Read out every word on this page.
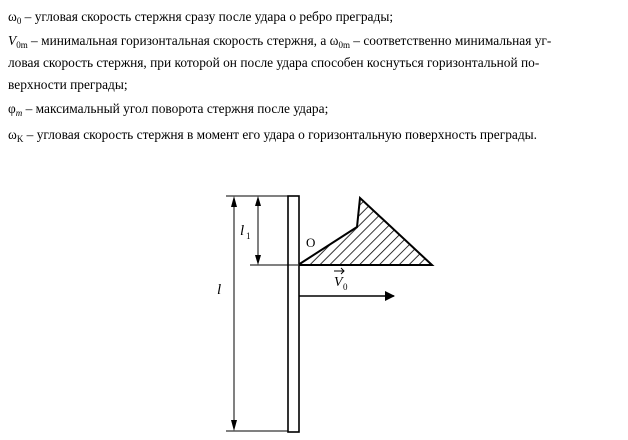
$\omega_0$ – угловая скорость стержня сразу после удара о ребро преграды;
$V_{0m}$ – минимальная горизонтальная скорость стержня, а $\omega_{0m}$ – соответственно минимальная уг-
ловая скорость стержня, при которой он после удара способен коснуться горизонтальной по-
верхности преграды;
$\varphi_m$ – максимальный угол поворота стержня после удара;
$\omega_K$ – угловая скорость стержня в момент его удара о горизонтальную поверхность преграды.
l 1
l
O
V 0
